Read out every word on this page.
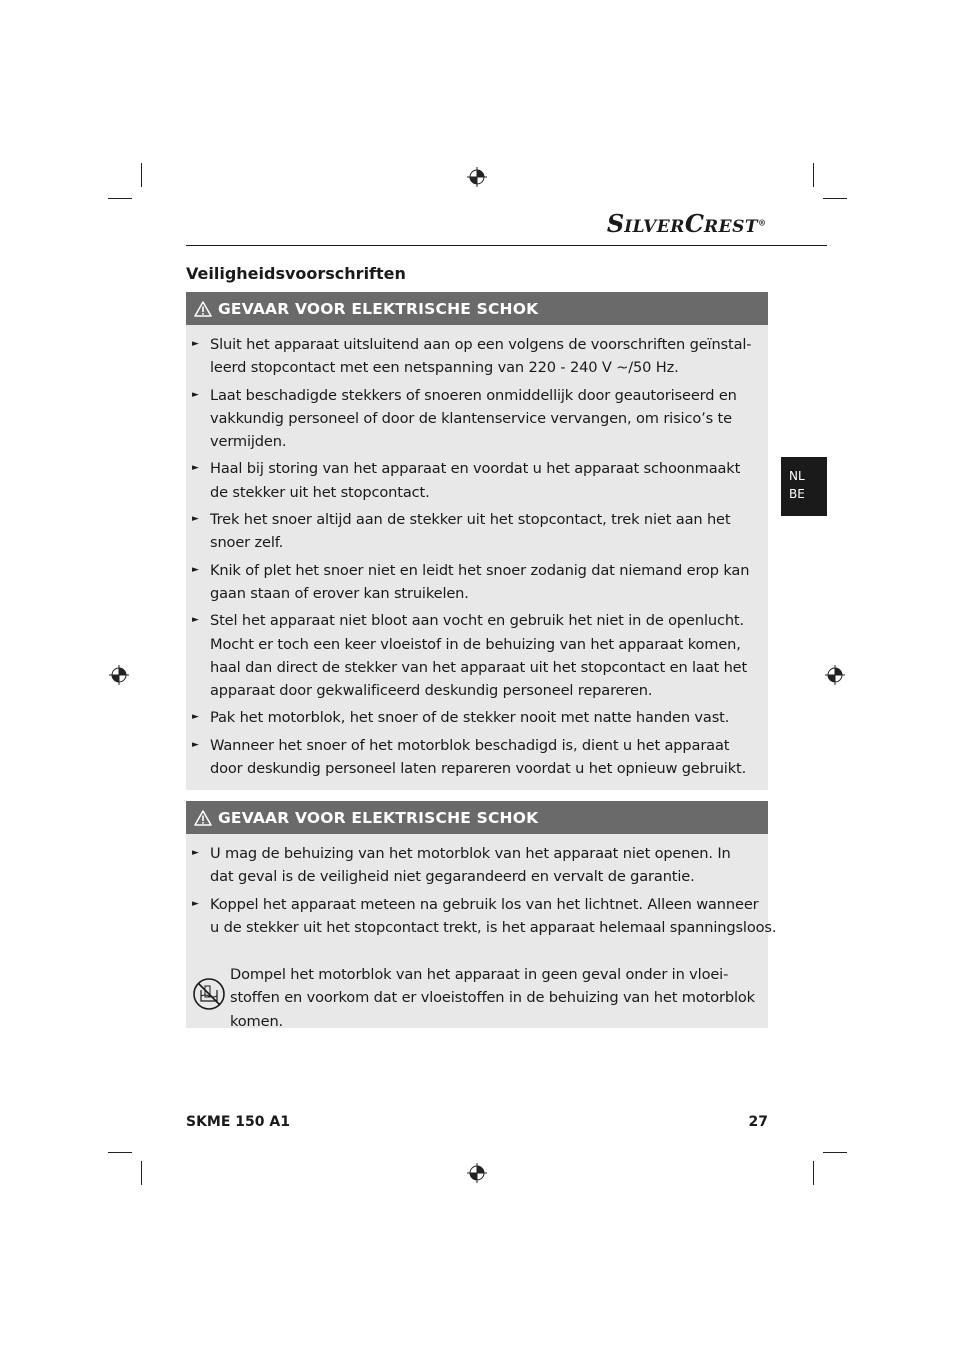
SILVERCREST®
Veiligheidsvoorschriften
GEVAAR VOOR ELEKTRISCHE SCHOK
► Sluit het apparaat uitsluitend aan op een volgens de voorschriften geïnstal-
leerd stopcontact met een netspanning van 220 - 240 V ~/50 Hz.
► Laat beschadigde stekkers of snoeren onmiddellijk door geautoriseerd en
vakkundig personeel of door de klantenservice vervangen, om risico’s te
vermijden.
► Haal bij storing van het apparaat en voordat u het apparaat schoonmaakt
de stekker uit het stopcontact.
► Trek het snoer altijd aan de stekker uit het stopcontact, trek niet aan het
snoer zelf.
► Knik of plet het snoer niet en leidt het snoer zodanig dat niemand erop kan
gaan staan of erover kan struikelen.
► Stel het apparaat niet bloot aan vocht en gebruik het niet in de openlucht.
Mocht er toch een keer vloeistof in de behuizing van het apparaat komen,
haal dan direct de stekker van het apparaat uit het stopcontact en laat het
apparaat door gekwalificeerd deskundig personeel repareren.
► Pak het motorblok, het snoer of de stekker nooit met natte handen vast.
► Wanneer het snoer of het motorblok beschadigd is, dient u het apparaat
door deskundig personeel laten repareren voordat u het opnieuw gebruikt.
GEVAAR VOOR ELEKTRISCHE SCHOK
► U mag de behuizing van het motorblok van het apparaat niet openen. In
dat geval is de veiligheid niet gegarandeerd en vervalt de garantie.
► Koppel het apparaat meteen na gebruik los van het lichtnet. Alleen wanneer
u de stekker uit het stopcontact trekt, is het apparaat helemaal spanningsloos.
Dompel het motorblok van het apparaat in geen geval onder in vloei-
stoffen en voorkom dat er vloeistoffen in de behuizing van het motorblok
komen.
NL
BE
SKME 150 A1	27
